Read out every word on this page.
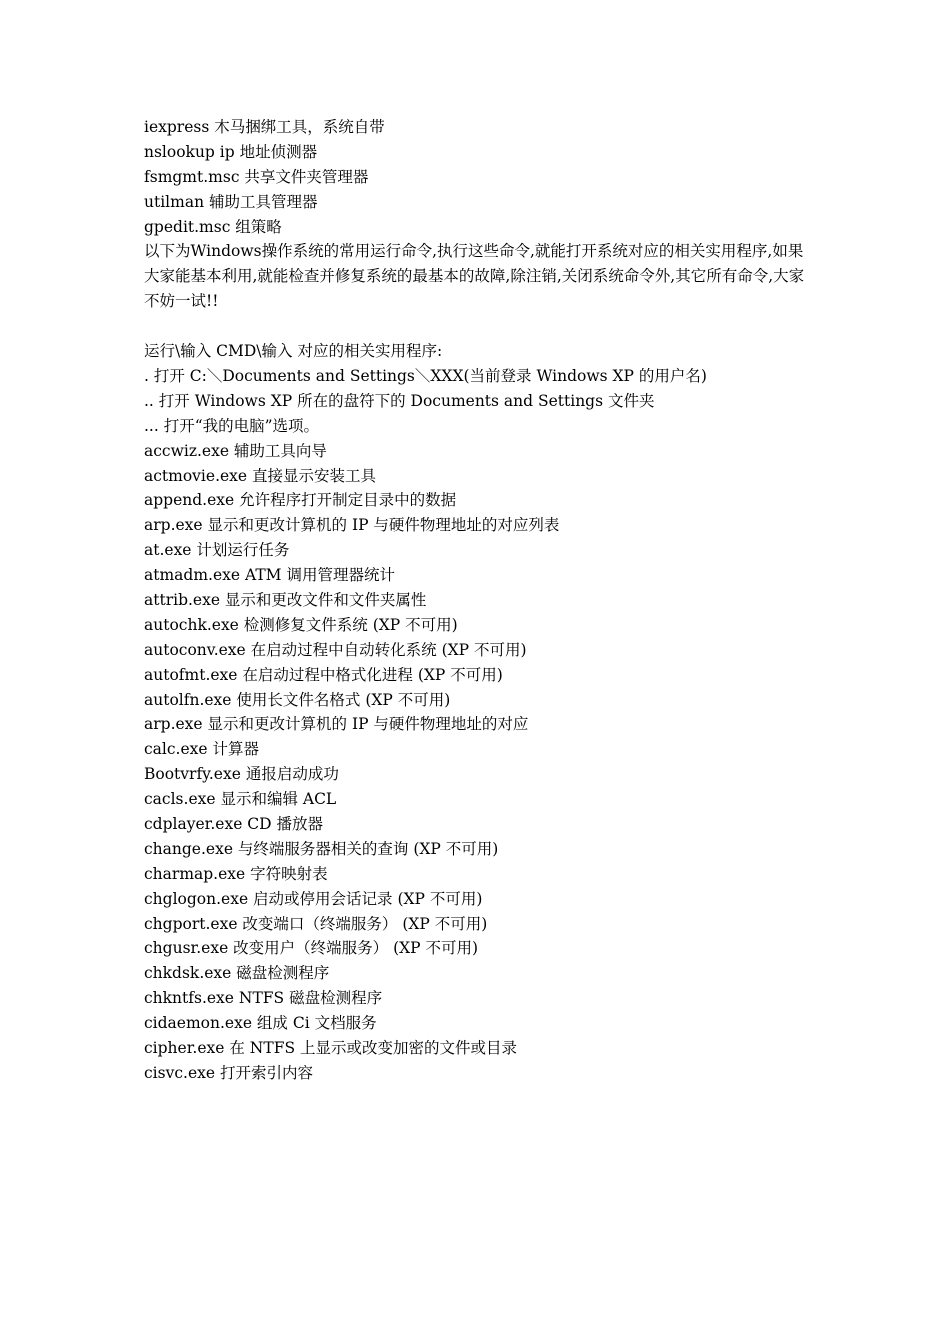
iexpress 木马捆绑工具，系统自带

nslookup ip 地址侦测器

fsmgmt.msc 共享文件夹管理器

utilman 辅助工具管理器

gpedit.msc 组策略

以下为Windows操作系统的常用运行命令,执行这些命令,就能打开系统对应的相关实用程序,如果大家能基本利用,就能检查并修复系统的最基本的故障,除注销,关闭系统命令外,其它所有命令,大家不妨一试!!

运行\输入 CMD\输入 对应的相关实用程序:

. 打开 C:＼Documents and Settings＼XXX(当前登录 Windows XP 的用户名)

.. 打开 Windows XP 所在的盘符下的 Documents and Settings 文件夹

... 打开“我的电脑”选项。

accwiz.exe 辅助工具向导

actmovie.exe 直接显示安装工具

append.exe 允许程序打开制定目录中的数据

arp.exe 显示和更改计算机的 IP 与硬件物理地址的对应列表

at.exe 计划运行任务

atmadm.exe ATM 调用管理器统计

attrib.exe 显示和更改文件和文件夹属性

autochk.exe 检测修复文件系统 (XP 不可用)

autoconv.exe 在启动过程中自动转化系统 (XP 不可用)

autofmt.exe 在启动过程中格式化进程 (XP 不可用)

autolfn.exe 使用长文件名格式 (XP 不可用)

arp.exe 显示和更改计算机的 IP 与硬件物理地址的对应

calc.exe 计算器

Bootvrfy.exe 通报启动成功

cacls.exe 显示和编辑 ACL

cdplayer.exe CD 播放器

change.exe 与终端服务器相关的查询 (XP 不可用)

charmap.exe 字符映射表

chglogon.exe 启动或停用会话记录 (XP 不可用)

chgport.exe 改变端口（终端服务） (XP 不可用)

chgusr.exe 改变用户（终端服务） (XP 不可用)

chkdsk.exe 磁盘检测程序

chkntfs.exe NTFS 磁盘检测程序

cidaemon.exe 组成 Ci 文档服务

cipher.exe 在 NTFS 上显示或改变加密的文件或目录

cisvc.exe 打开索引内容
